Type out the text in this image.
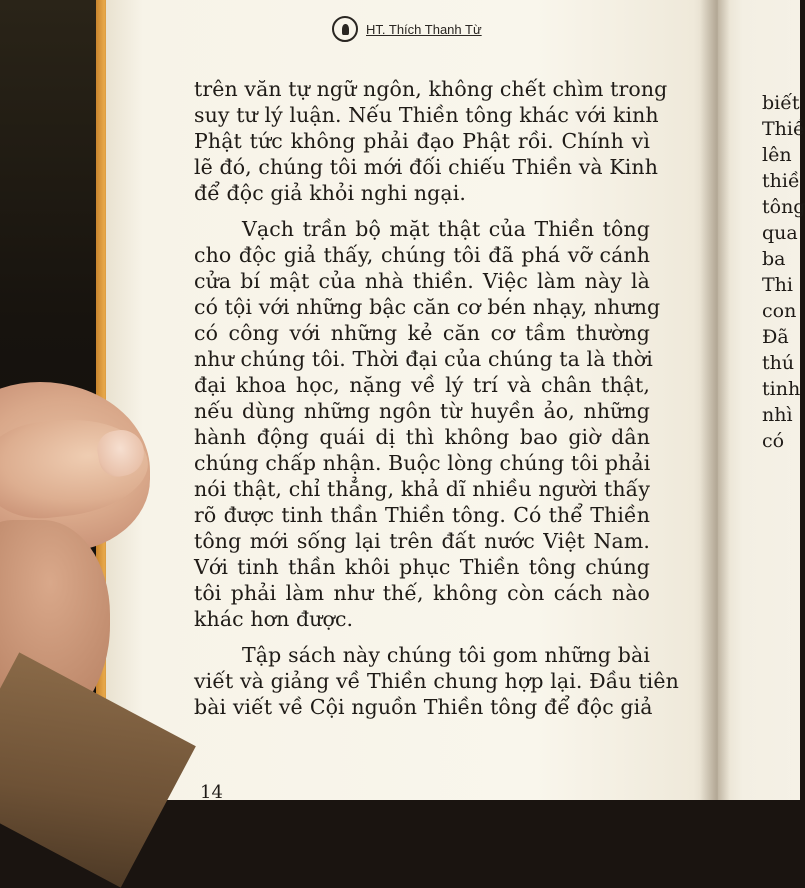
HT. Thích Thanh Từ
trên văn tự ngữ ngôn, không chết chìm trong
suy tư lý luận. Nếu Thiền tông khác với kinh
Phật tức không phải đạo Phật rồi. Chính vì
lẽ đó, chúng tôi mới đối chiếu Thiền và Kinh
để độc giả khỏi nghi ngại.
Vạch trần bộ mặt thật của Thiền tông
cho độc giả thấy, chúng tôi đã phá vỡ cánh
cửa bí mật của nhà thiền. Việc làm này là
có tội với những bậc căn cơ bén nhạy, nhưng
có công với những kẻ căn cơ tầm thường
như chúng tôi. Thời đại của chúng ta là thời
đại khoa học, nặng về lý trí và chân thật,
nếu dùng những ngôn từ huyền ảo, những
hành động quái dị thì không bao giờ dân
chúng chấp nhận. Buộc lòng chúng tôi phải
nói thật, chỉ thẳng, khả dĩ nhiều người thấy
rõ được tinh thần Thiền tông. Có thể Thiền
tông mới sống lại trên đất nước Việt Nam.
Với tinh thần khôi phục Thiền tông chúng
tôi phải làm như thế, không còn cách nào
khác hơn được.
Tập sách này chúng tôi gom những bài
viết và giảng về Thiền chung hợp lại. Đầu tiên
bài viết về Cội nguồn Thiền tông để độc giả
biết
Thiề
lên
thiề
tông
qua
ba
Thi
con
Đã
thú
tinh
nhì
có
14
